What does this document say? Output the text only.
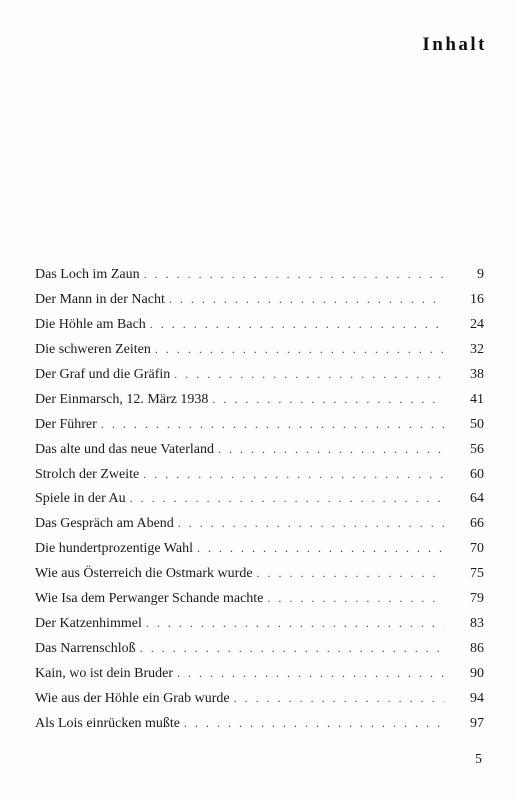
Inhalt
Das Loch im Zaun . . .	9
Der Mann in der Nacht . . .	16
Die Höhle am Bach . . .	24
Die schweren Zeiten . . .	32
Der Graf und die Gräfin . . .	38
Der Einmarsch, 12. März 1938 . . .	41
Der Führer . . .	50
Das alte und das neue Vaterland . . .	56
Strolch der Zweite . . .	60
Spiele in der Au . . .	64
Das Gespräch am Abend . . .	66
Die hundertprozentige Wahl . . .	70
Wie aus Österreich die Ostmark wurde . . .	75
Wie Isa dem Perwanger Schande machte . . .	79
Der Katzenhimmel . . .	83
Das Narrenschloß . . .	86
Kain, wo ist dein Bruder . . .	90
Wie aus der Höhle ein Grab wurde . . .	94
Als Lois einrücken mußte . . .	97
5
